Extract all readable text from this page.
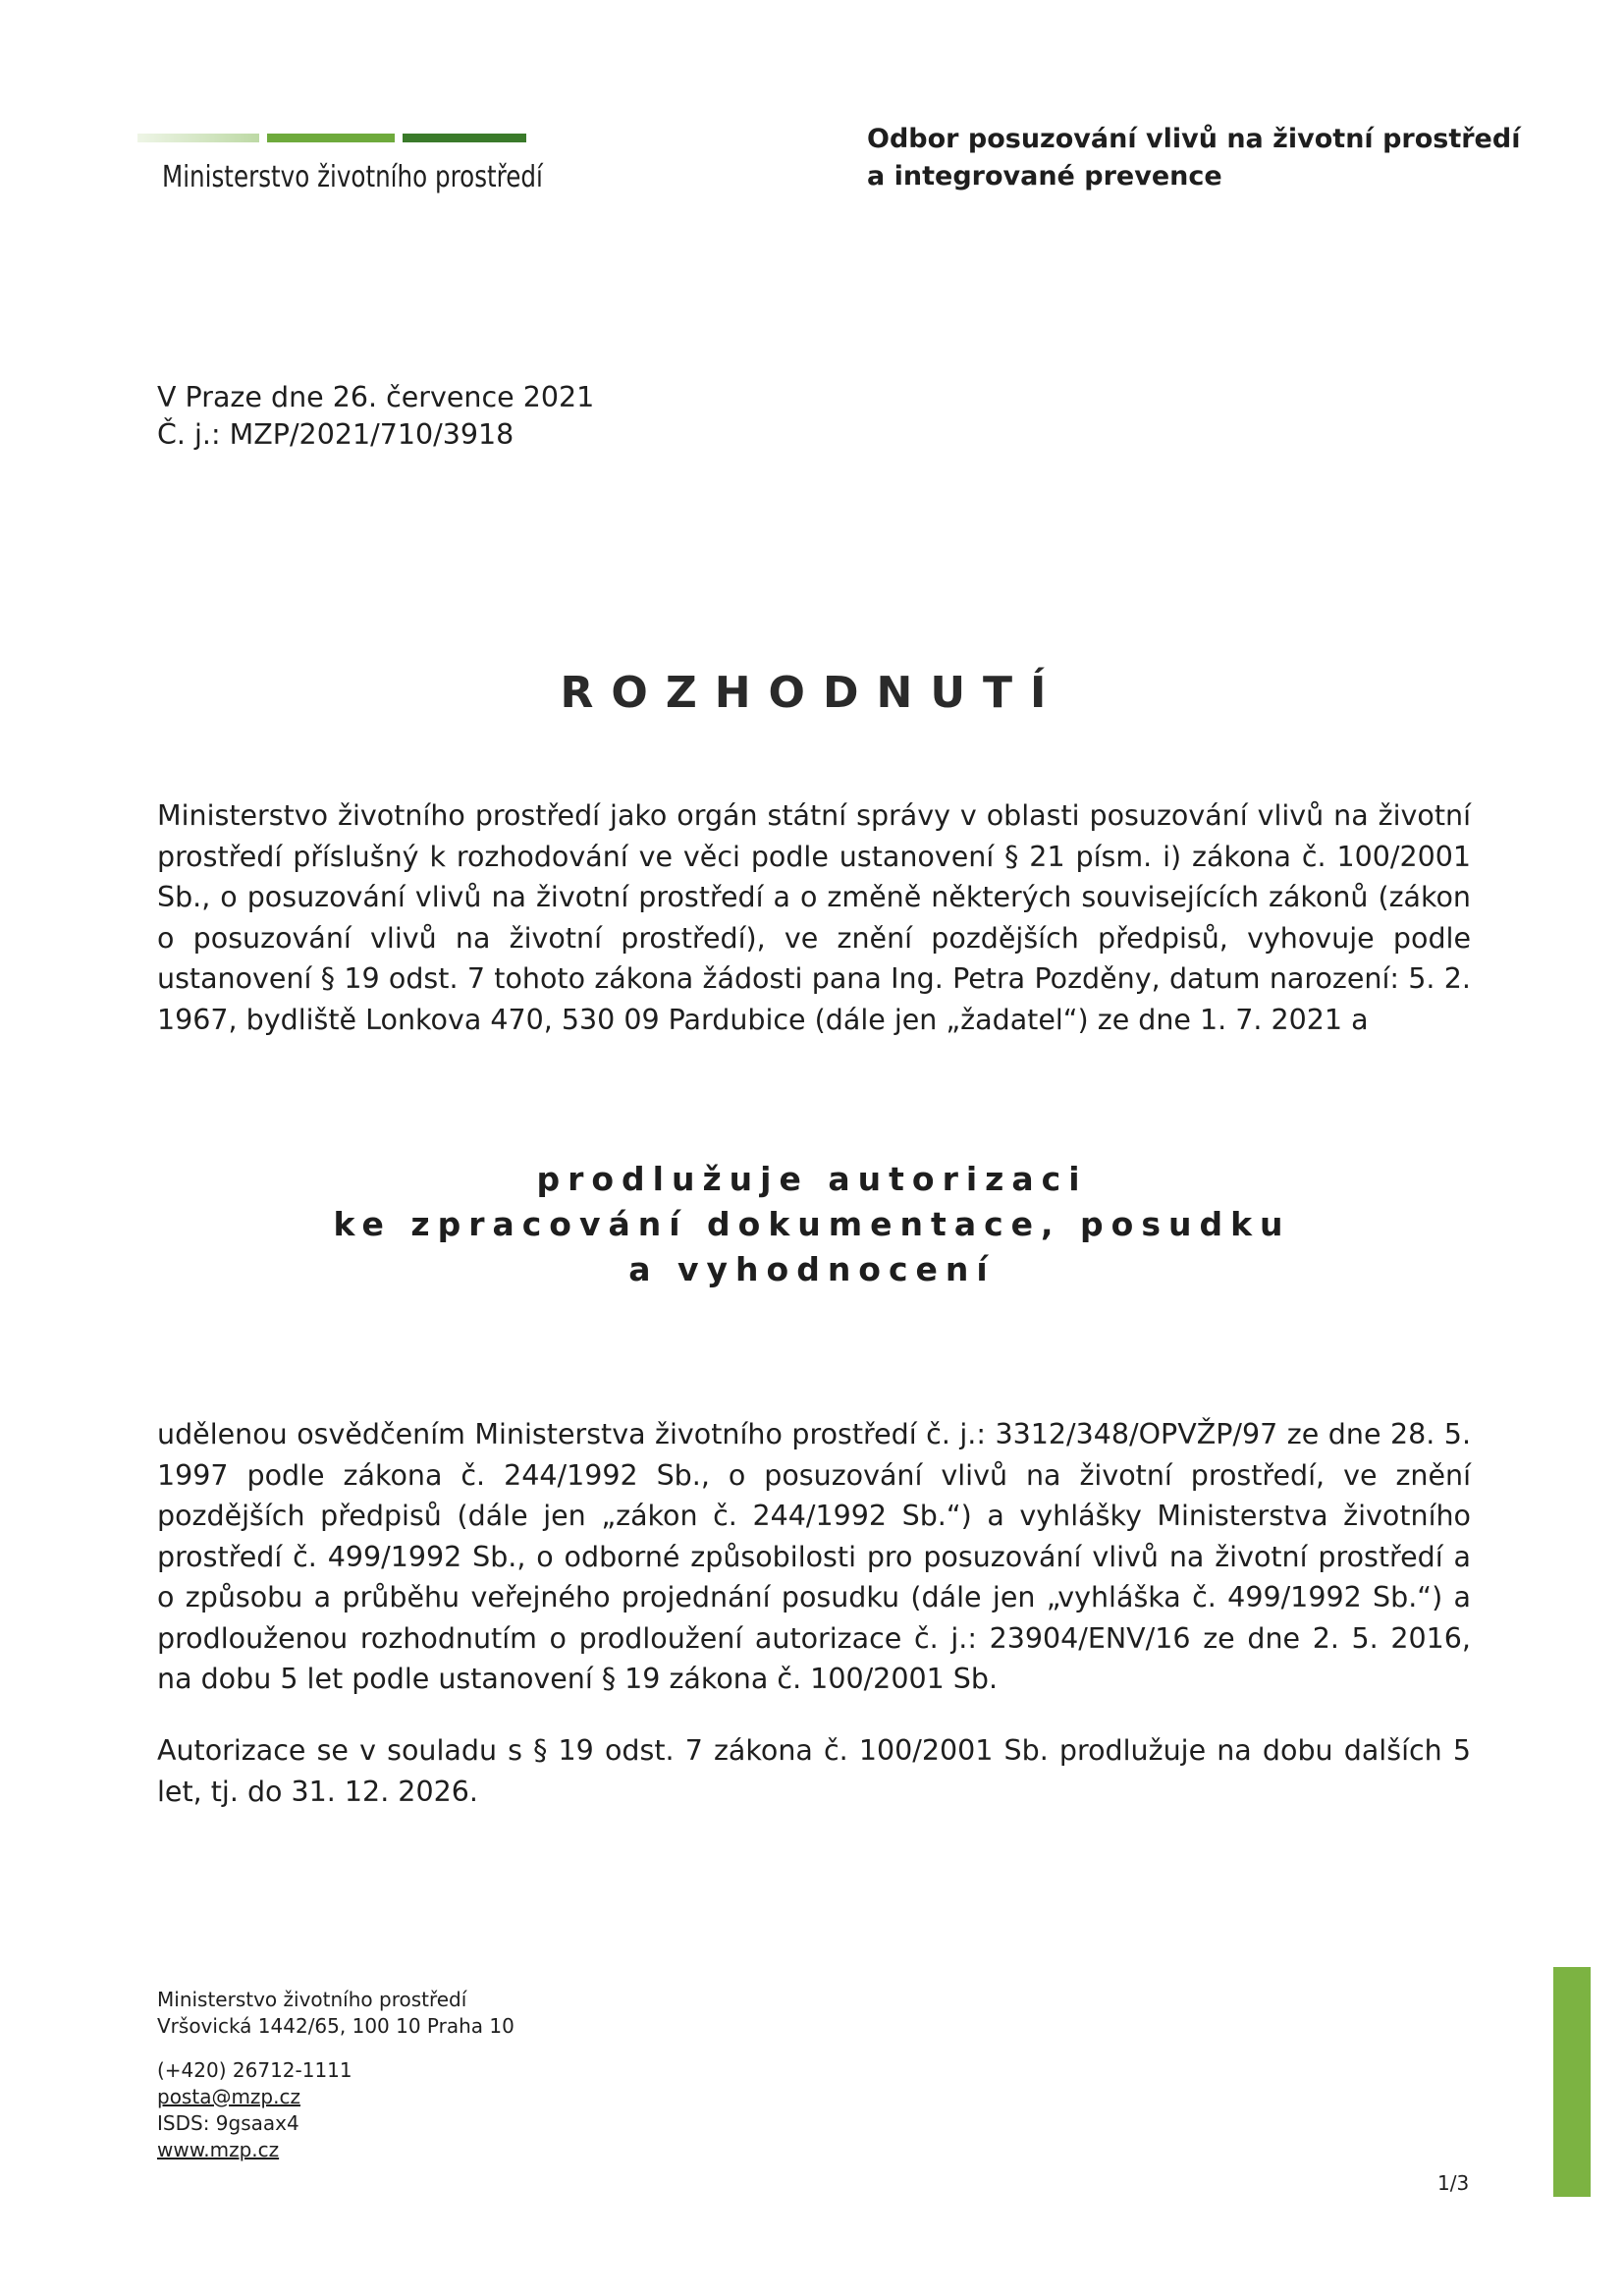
Ministerstvo životního prostředí
Odbor posuzování vlivů na životní prostředí
a integrované prevence
V Praze dne 26. července 2021
Č. j.: MZP/2021/710/3918
ROZHODNUTÍ

Ministerstvo životního prostředí jako orgán státní správy v oblasti posuzování vlivů na životní prostředí příslušný k rozhodování ve věci podle ustanovení § 21 písm. i) zákona č. 100/2001 Sb., o posuzování vlivů na životní prostředí a o změně některých souvisejících zákonů (zákon o posuzování vlivů na životní prostředí), ve znění pozdějších předpisů, vyhovuje podle ustanovení § 19 odst. 7 tohoto zákona žádosti pana Ing. Petra Pozděny, datum narození: 5. 2. 1967, bydliště Lonkova 470, 530 09 Pardubice (dále jen „žadatel“) ze dne 1. 7. 2021 a

prodlužuje autorizaci
ke zpracování dokumentace, posudku
a vyhodnocení

udělenou osvědčením Ministerstva životního prostředí č. j.: 3312/348/OPVŽP/97 ze dne 28. 5. 1997 podle zákona č. 244/1992 Sb., o posuzování vlivů na životní prostředí, ve znění pozdějších předpisů (dále jen „zákon č. 244/1992 Sb.“) a vyhlášky Ministerstva životního prostředí č. 499/1992 Sb., o odborné způsobilosti pro posuzování vlivů na životní prostředí a o způsobu a průběhu veřejného projednání posudku (dále jen „vyhláška č. 499/1992 Sb.“) a prodlouženou rozhodnutím o prodloužení autorizace č. j.: 23904/ENV/16 ze dne 2. 5. 2016, na dobu 5 let podle ustanovení § 19 zákona č. 100/2001 Sb.

Autorizace se v souladu s § 19 odst. 7 zákona č. 100/2001 Sb. prodlužuje na dobu dalších 5 let, tj. do 31. 12. 2026.

Ministerstvo životního prostředí
Vršovická 1442/65, 100 10 Praha 10
(+420) 26712-1111
posta@mzp.cz
ISDS: 9gsaax4
www.mzp.cz
1/3
